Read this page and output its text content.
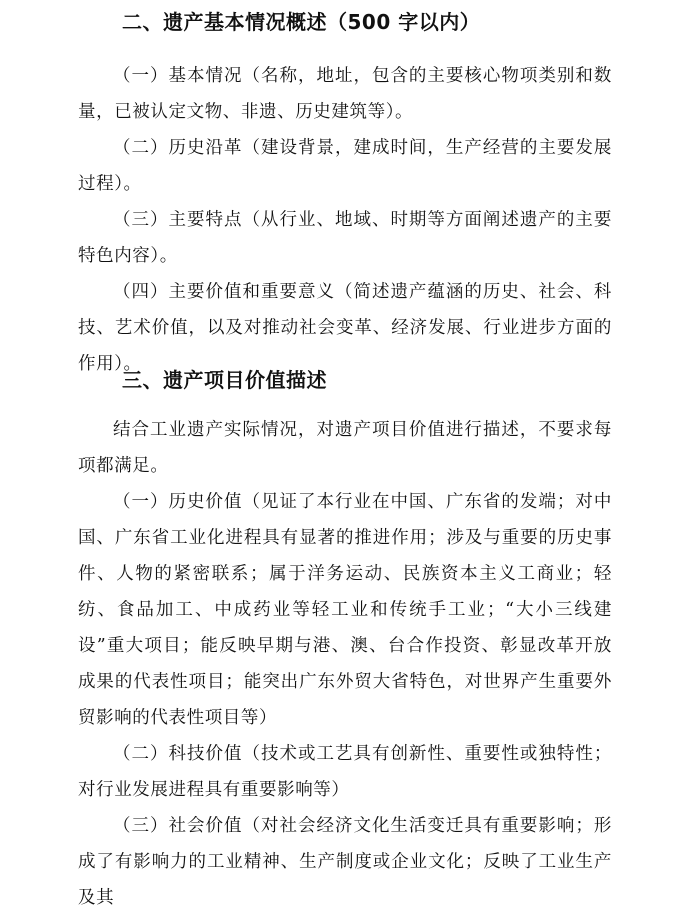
二、遗产基本情况概述（500 字以内）

（一）基本情况（名称，地址，包含的主要核心物项类别和数量，已被认定文物、非遗、历史建筑等）。

（二）历史沿革（建设背景，建成时间，生产经营的主要发展过程）。

（三）主要特点（从行业、地域、时期等方面阐述遗产的主要特色内容）。

（四）主要价值和重要意义（简述遗产蕴涵的历史、社会、科技、艺术价值，以及对推动社会变革、经济发展、行业进步方面的作用）。

三、遗产项目价值描述

结合工业遗产实际情况，对遗产项目价值进行描述，不要求每项都满足。

（一）历史价值（见证了本行业在中国、广东省的发端；对中国、广东省工业化进程具有显著的推进作用；涉及与重要的历史事件、人物的紧密联系；属于洋务运动、民族资本主义工商业；轻纺、食品加工、中成药业等轻工业和传统手工业；“大小三线建设”重大项目；能反映早期与港、澳、台合作投资、彰显改革开放成果的代表性项目；能突出广东外贸大省特色，对世界产生重要外贸影响的代表性项目等）

（二）科技价值（技术或工艺具有创新性、重要性或独特性；对行业发展进程具有重要影响等）

（三）社会价值（对社会经济文化生活变迁具有重要影响；形成了有影响力的工业精神、生产制度或企业文化；反映了工业生产及其
